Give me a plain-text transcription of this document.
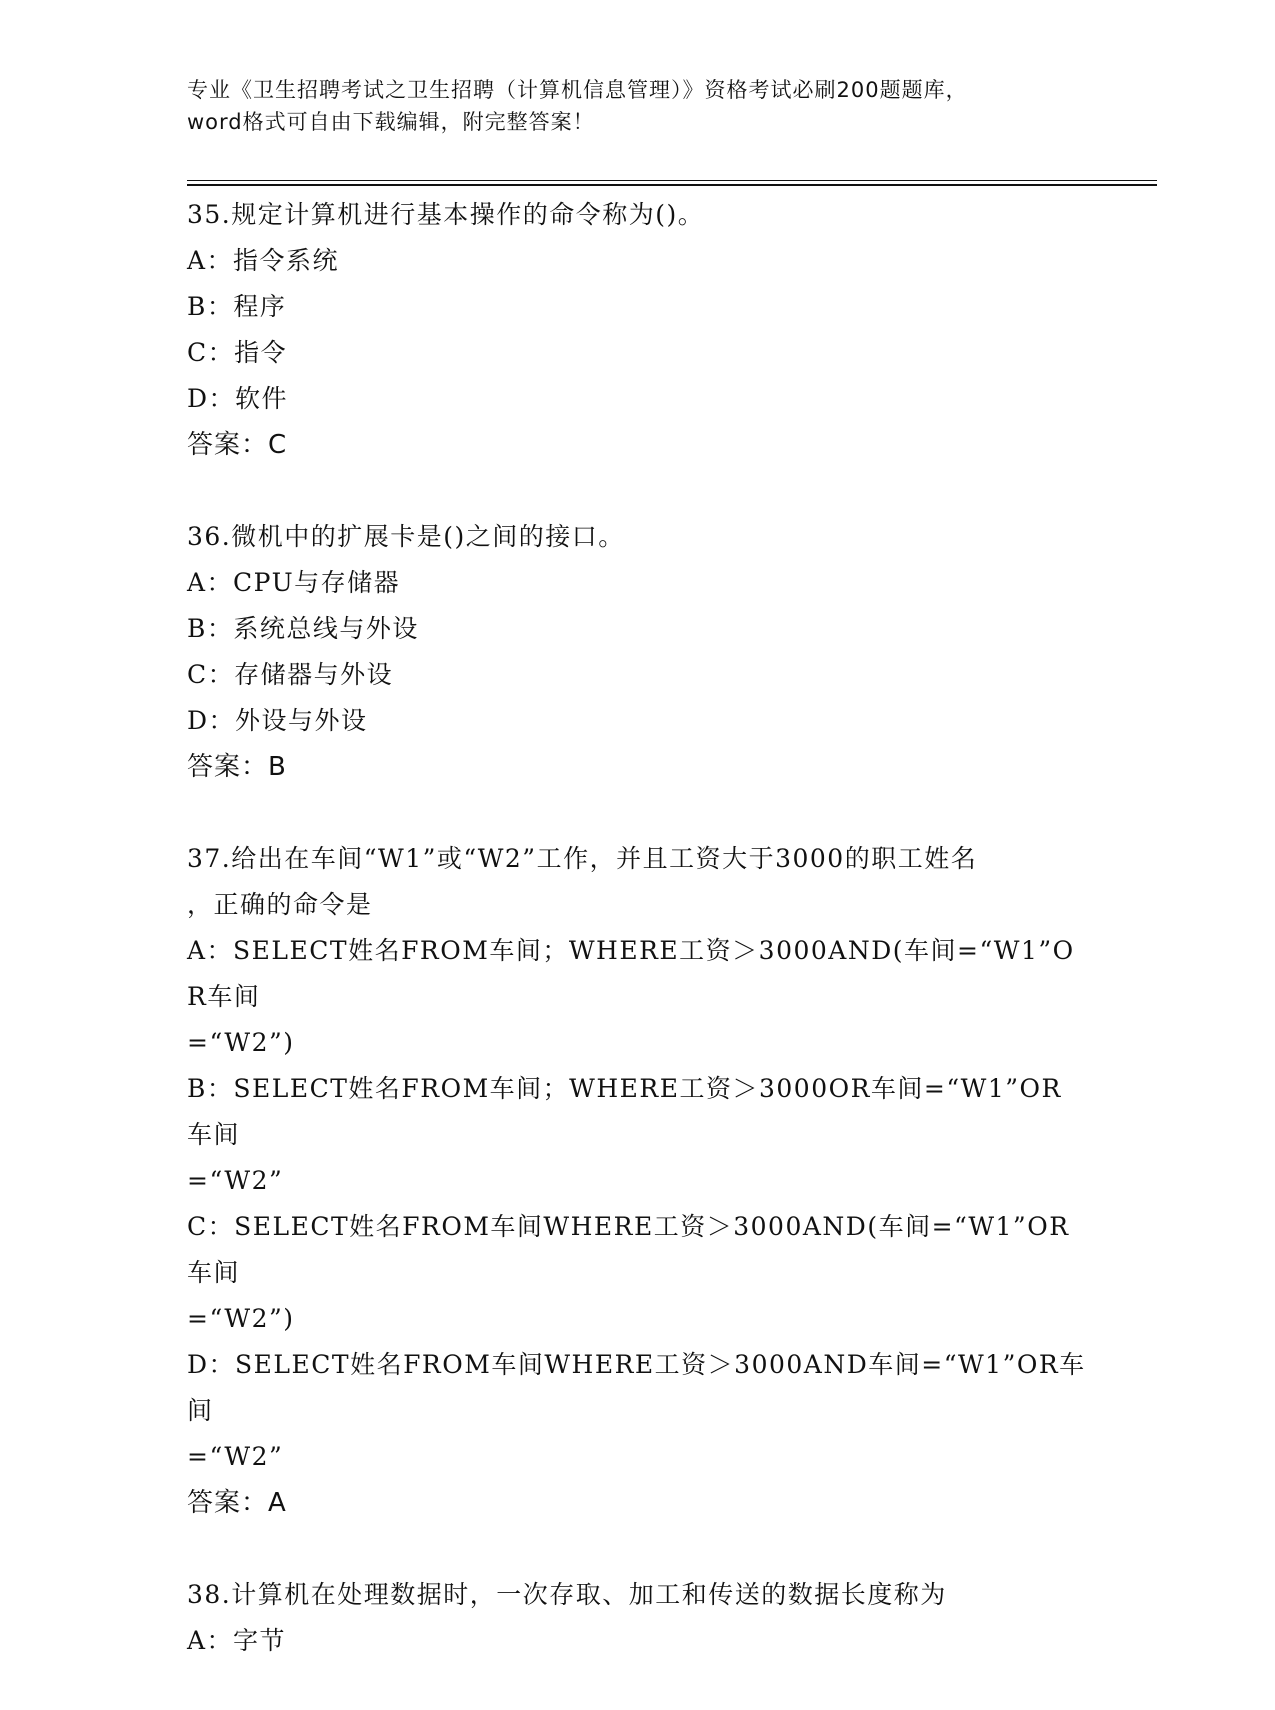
专业《卫生招聘考试之卫生招聘（计算机信息管理）》资格考试必刷200题题库，
word格式可自由下载编辑，附完整答案！
35.规定计算机进行基本操作的命令称为()。
A：指令系统
B：程序
C：指令
D：软件
答案：C
36.微机中的扩展卡是()之间的接口。
A：CPU与存储器
B：系统总线与外设
C：存储器与外设
D：外设与外设
答案：B
37.给出在车间“W1”或“W2”工作，并且工资大于3000的职工姓名
，正确的命令是
A：SELECT姓名FROM车间；WHERE工资＞3000AND(车间=“W1”OR车间
=“W2”)
B：SELECT姓名FROM车间；WHERE工资＞3000OR车间=“W1”OR车间
=“W2”
C：SELECT姓名FROM车间WHERE工资＞3000AND(车间=“W1”OR车间
=“W2”)
D：SELECT姓名FROM车间WHERE工资＞3000AND车间=“W1”OR车间
=“W2”
答案：A
38.计算机在处理数据时，一次存取、加工和传送的数据长度称为
A：字节
